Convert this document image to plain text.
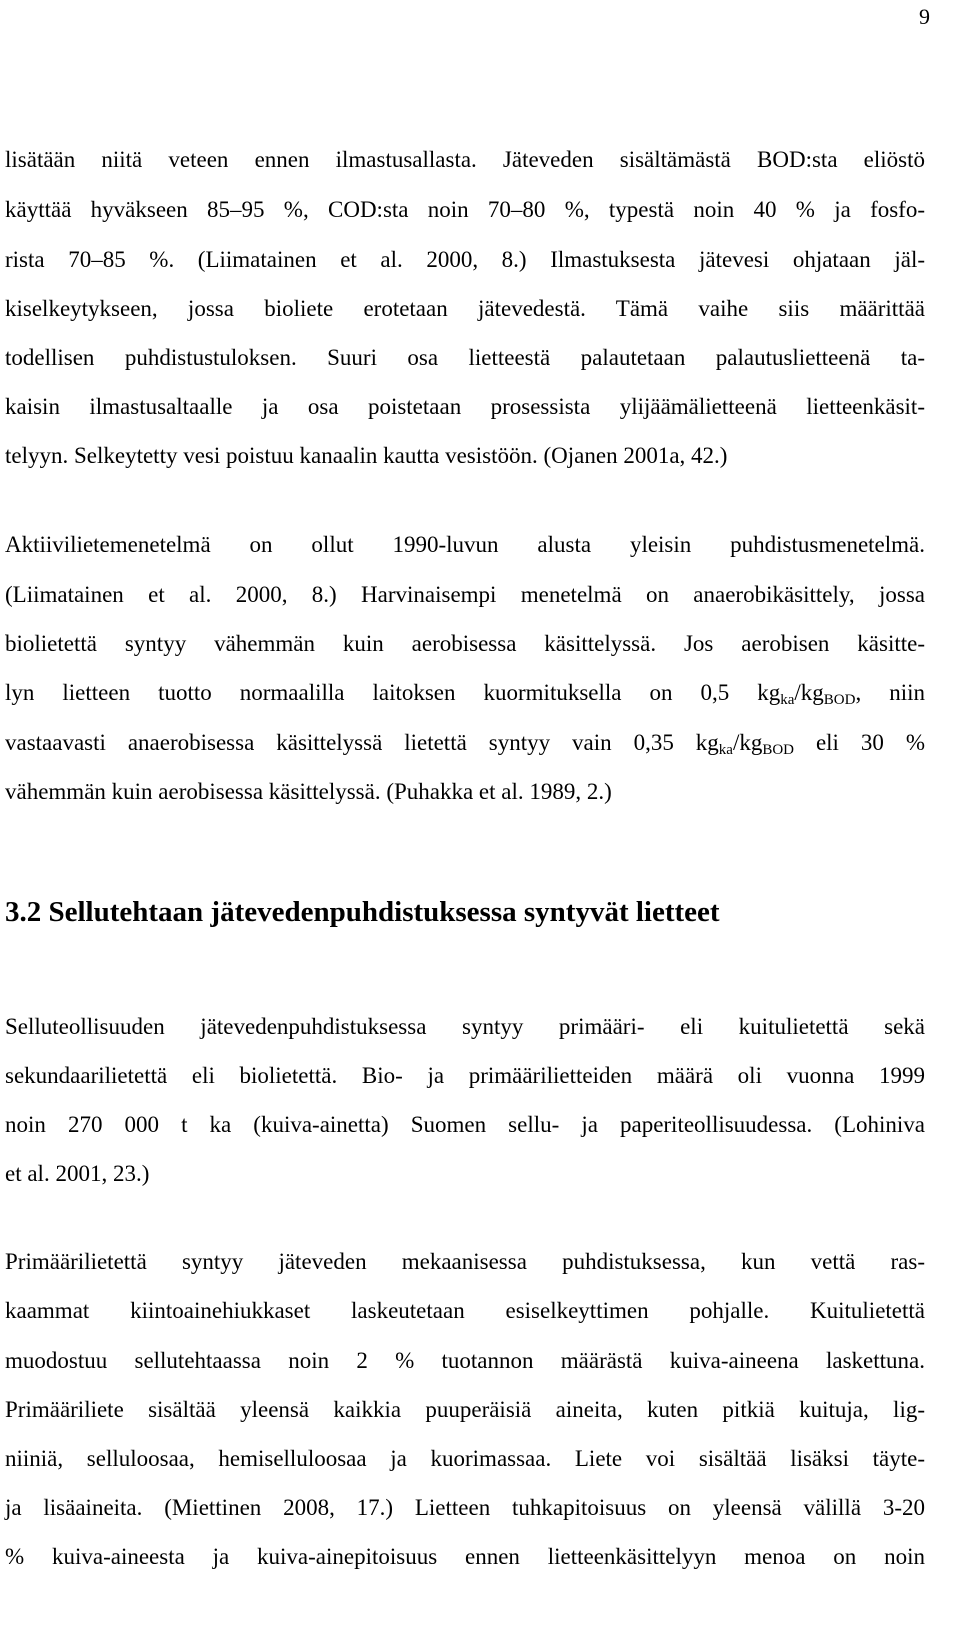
9
lisätään niitä veteen ennen ilmastusallasta. Jäteveden sisältämästä BOD:sta eliöstö
käyttää hyväkseen 85–95 %, COD:sta noin 70–80 %, typestä noin 40 % ja fosfo-
rista 70–85 %. (Liimatainen et al. 2000, 8.) Ilmastuksesta jätevesi ohjataan jäl-
kiselkeytykseen, jossa bioliete erotetaan jätevedestä. Tämä vaihe siis määrittää
todellisen puhdistustuloksen. Suuri osa lietteestä palautetaan palautuslietteenä ta-
kaisin ilmastusaltaalle ja osa poistetaan prosessista ylijäämälietteenä lietteenkäsit-
telyyn. Selkeytetty vesi poistuu kanaalin kautta vesistöön. (Ojanen 2001a, 42.)
Aktiivilietemenetelmä on ollut 1990-luvun alusta yleisin puhdistusmenetelmä.
(Liimatainen et al. 2000, 8.) Harvinaisempi menetelmä on anaerobikäsittely, jossa
biolietettä syntyy vähemmän kuin aerobisessa käsittelyssä. Jos aerobisen käsitte-
lyn lietteen tuotto normaalilla laitoksen kuormituksella on 0,5 $kg_{ka}/kg_{BOD}$, niin
vastaavasti anaerobisessa käsittelyssä lietettä syntyy vain 0,35 $kg_{ka}/kg_{BOD}$ eli 30 %
vähemmän kuin aerobisessa käsittelyssä. (Puhakka et al. 1989, 2.)
3.2 Sellutehtaan jätevedenpuhdistuksessa syntyvät lietteet
Selluteollisuuden jätevedenpuhdistuksessa syntyy primääri- eli kuitulietettä sekä
sekundaarilietettä eli biolietettä. Bio- ja primäärilietteiden määrä oli vuonna 1999
noin 270 000 t ka (kuiva-ainetta) Suomen sellu- ja paperiteollisuudessa. (Lohiniva
et al. 2001, 23.)
Primäärilietettä syntyy jäteveden mekaanisessa puhdistuksessa, kun vettä ras-
kaammat kiintoainehiukkaset laskeutetaan esiselkeyttimen pohjalle. Kuitulietettä
muodostuu sellutehtaassa noin 2 % tuotannon määrästä kuiva-aineena laskettuna.
Primääriliete sisältää yleensä kaikkia puuperäisiä aineita, kuten pitkiä kuituja, lig-
niiniä, selluloosaa, hemiselluloosaa ja kuorimassaa. Liete voi sisältää lisäksi täyte-
ja lisäaineita. (Miettinen 2008, 17.) Lietteen tuhkapitoisuus on yleensä välillä 3-20
% kuiva-aineesta ja kuiva-ainepitoisuus ennen lietteenkäsittelyyn menoa on noin
